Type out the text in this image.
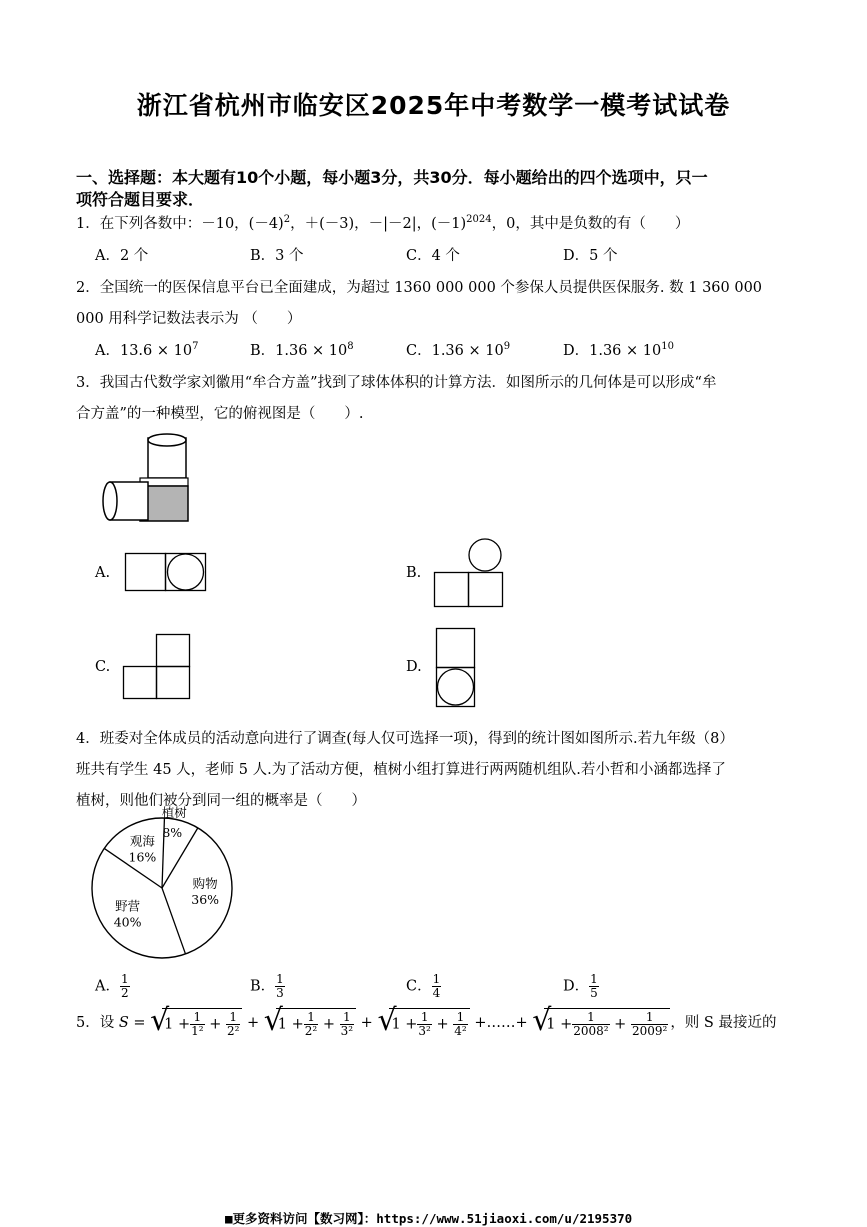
浙江省杭州市临安区2025年中考数学一模考试试卷
一、选择题：本大题有10个小题，每小题3分，共30分．每小题给出的四个选项中，只一
项符合题目要求．
1．在下列各数中：－10，$(-4)^2$，＋(－3)，－|－2|，$(-1)^{2024}$，0，其中是负数的有（　　）
A．2 个	B．3 个	C．4 个	D．5 个
2．全国统一的医保信息平台已全面建成，为超过 1360 000 000 个参保人员提供医保服务. 数 1 360 000
000 用科学记数法表示为 （　　）
A．$13.6 \times 10^7$	B．$1.36 \times 10^8$	C．$1.36 \times 10^9$	D．$1.36 \times 10^{10}$
3．我国古代数学家刘徽用“牟合方盖”找到了球体体积的计算方法．如图所示的几何体是可以形成“牟
合方盖”的一种模型，它的俯视图是（　　）.
A.	B.
C.	D.
4．班委对全体成员的活动意向进行了调查(每人仅可选择一项)，得到的统计图如图所示.若九年级（8）
班共有学生 45 人，老师 5 人.为了活动方便，植树小组打算进行两两随机组队.若小哲和小涵都选择了
植树，则他们被分到同一组的概率是（　　）
植树
8%
购物
36%
野营
40%
观海
16%
A． $\frac{1}{2}$	B． $\frac{1}{3}$	C． $\frac{1}{4}$	D． $\frac{1}{5}$
5．设 S = √
$1 + \frac{1}{\text{1²}} + \frac{1}{\text{2²}}$ + √
$1 + \frac{1}{\text{2²}} + \frac{1}{\text{3²}}$ + √
$1 + \frac{1}{\text{3²}} + \frac{1}{\text{4²}}$ +……+ √
$1 + \frac{1}{\text{2008²}} + \frac{1}{\text{2009²}}$ ，则 S 最接近的
■更多资料访问【数习网】：https://www.51jiaoxi.com/u/2195370
